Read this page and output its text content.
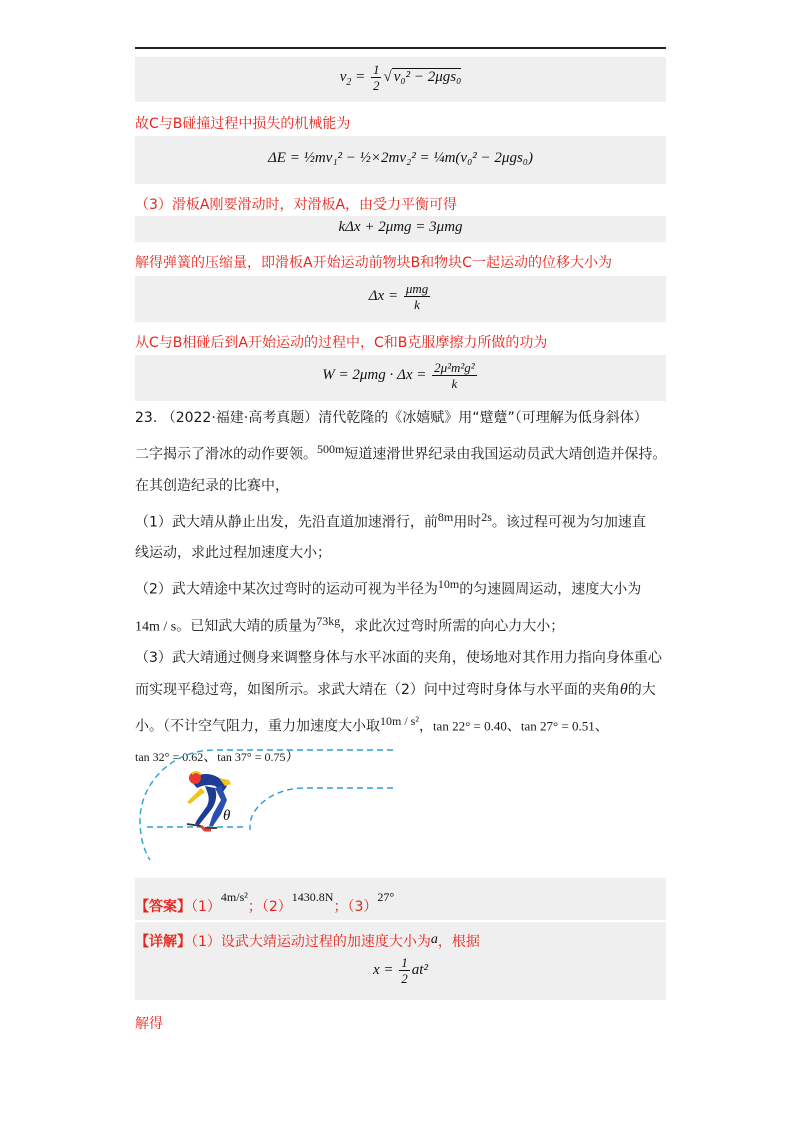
$v_2 = \frac{1}{2}$ √ v₀² − 2μgs₀
故C与B碰撞过程中损失的机械能为
ΔE = ½mv₁² − ½×2mv₂² = ¼m(v₀² − 2μgs₀)
（3）滑板A刚要滑动时，对滑板A，由受力平衡可得
kΔx + 2μmg = 3μmg
解得弹簧的压缩量，即滑板A开始运动前物块B和物块C一起运动的位移大小为
$\Delta x = \frac{\text{μmg}}{k}$
从C与B相碰后到A开始运动的过程中，C和B克服摩擦力所做的功为
$W = 2\mu mg \cdot \Delta x = \frac{\text{2μ²m²g²}}{k}$
23. （2022·福建·高考真题）清代乾隆的《冰嬉赋》用“躄躠”（可理解为低身斜体）
二字揭示了滑冰的动作要领。500m短道速滑世界纪录由我国运动员武大靖创造并保持。
在其创造纪录的比赛中，
（1）武大靖从静止出发，先沿直道加速滑行，前8m用时2s。该过程可视为匀加速直
线运动，求此过程加速度大小；
（2）武大靖途中某次过弯时的运动可视为半径为10m的匀速圆周运动，速度大小为
14m / s。已知武大靖的质量为73kg，求此次过弯时所需的向心力大小；
（3）武大靖通过侧身来调整身体与水平冰面的夹角，使场地对其作用力指向身体重心
而实现平稳过弯，如图所示。求武大靖在（2）问中过弯时身体与水平面的夹角θ的大
小。（不计空气阻力，重力加速度大小取10m / s²，tan 22° = 0.40、tan 27° = 0.51、
tan 32° = 0.62、tan 37° = 0.75）
θ
【答案】（1）4m/s²；（2）1430.8N；（3）27°
【详解】（1）设武大靖运动过程的加速度大小为a，根据
$x = \frac{1}{2} at^2$
解得
